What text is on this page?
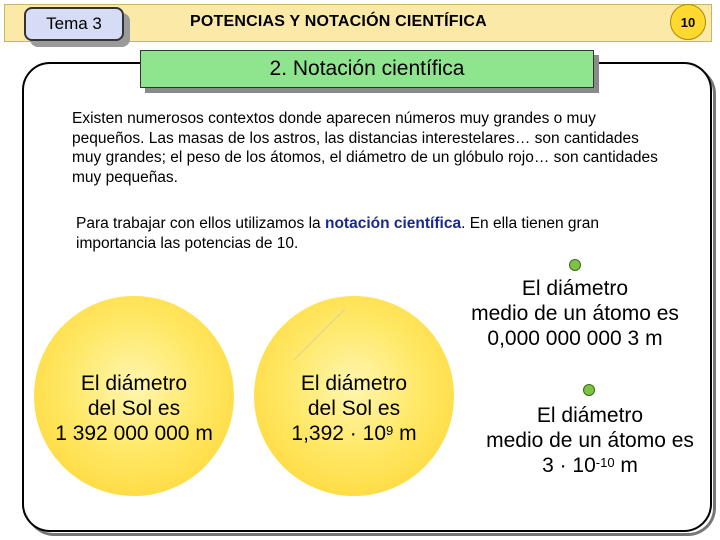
Tema 3	POTENCIAS Y NOTACIÓN CIENTÍFICA	10
2. Notación científica
Existen numerosos contextos donde aparecen números muy grandes o muy pequeños. Las masas de los astros, las distancias interestelares… son cantidades muy grandes; el peso de los átomos, el diámetro de un glóbulo rojo… son cantidades muy pequeñas.
Para trabajar con ellos utilizamos la notación científica. En ella tienen gran importancia las potencias de 10.
El diámetro
del Sol es
1 392 000 000 m
El diámetro
del Sol es
$1,392 \cdot 10^9$ m
El diámetro
medio de un átomo es
0,000 000 000 3 m
El diámetro
medio de un átomo es
$3 \cdot 10^{-10}$ m
